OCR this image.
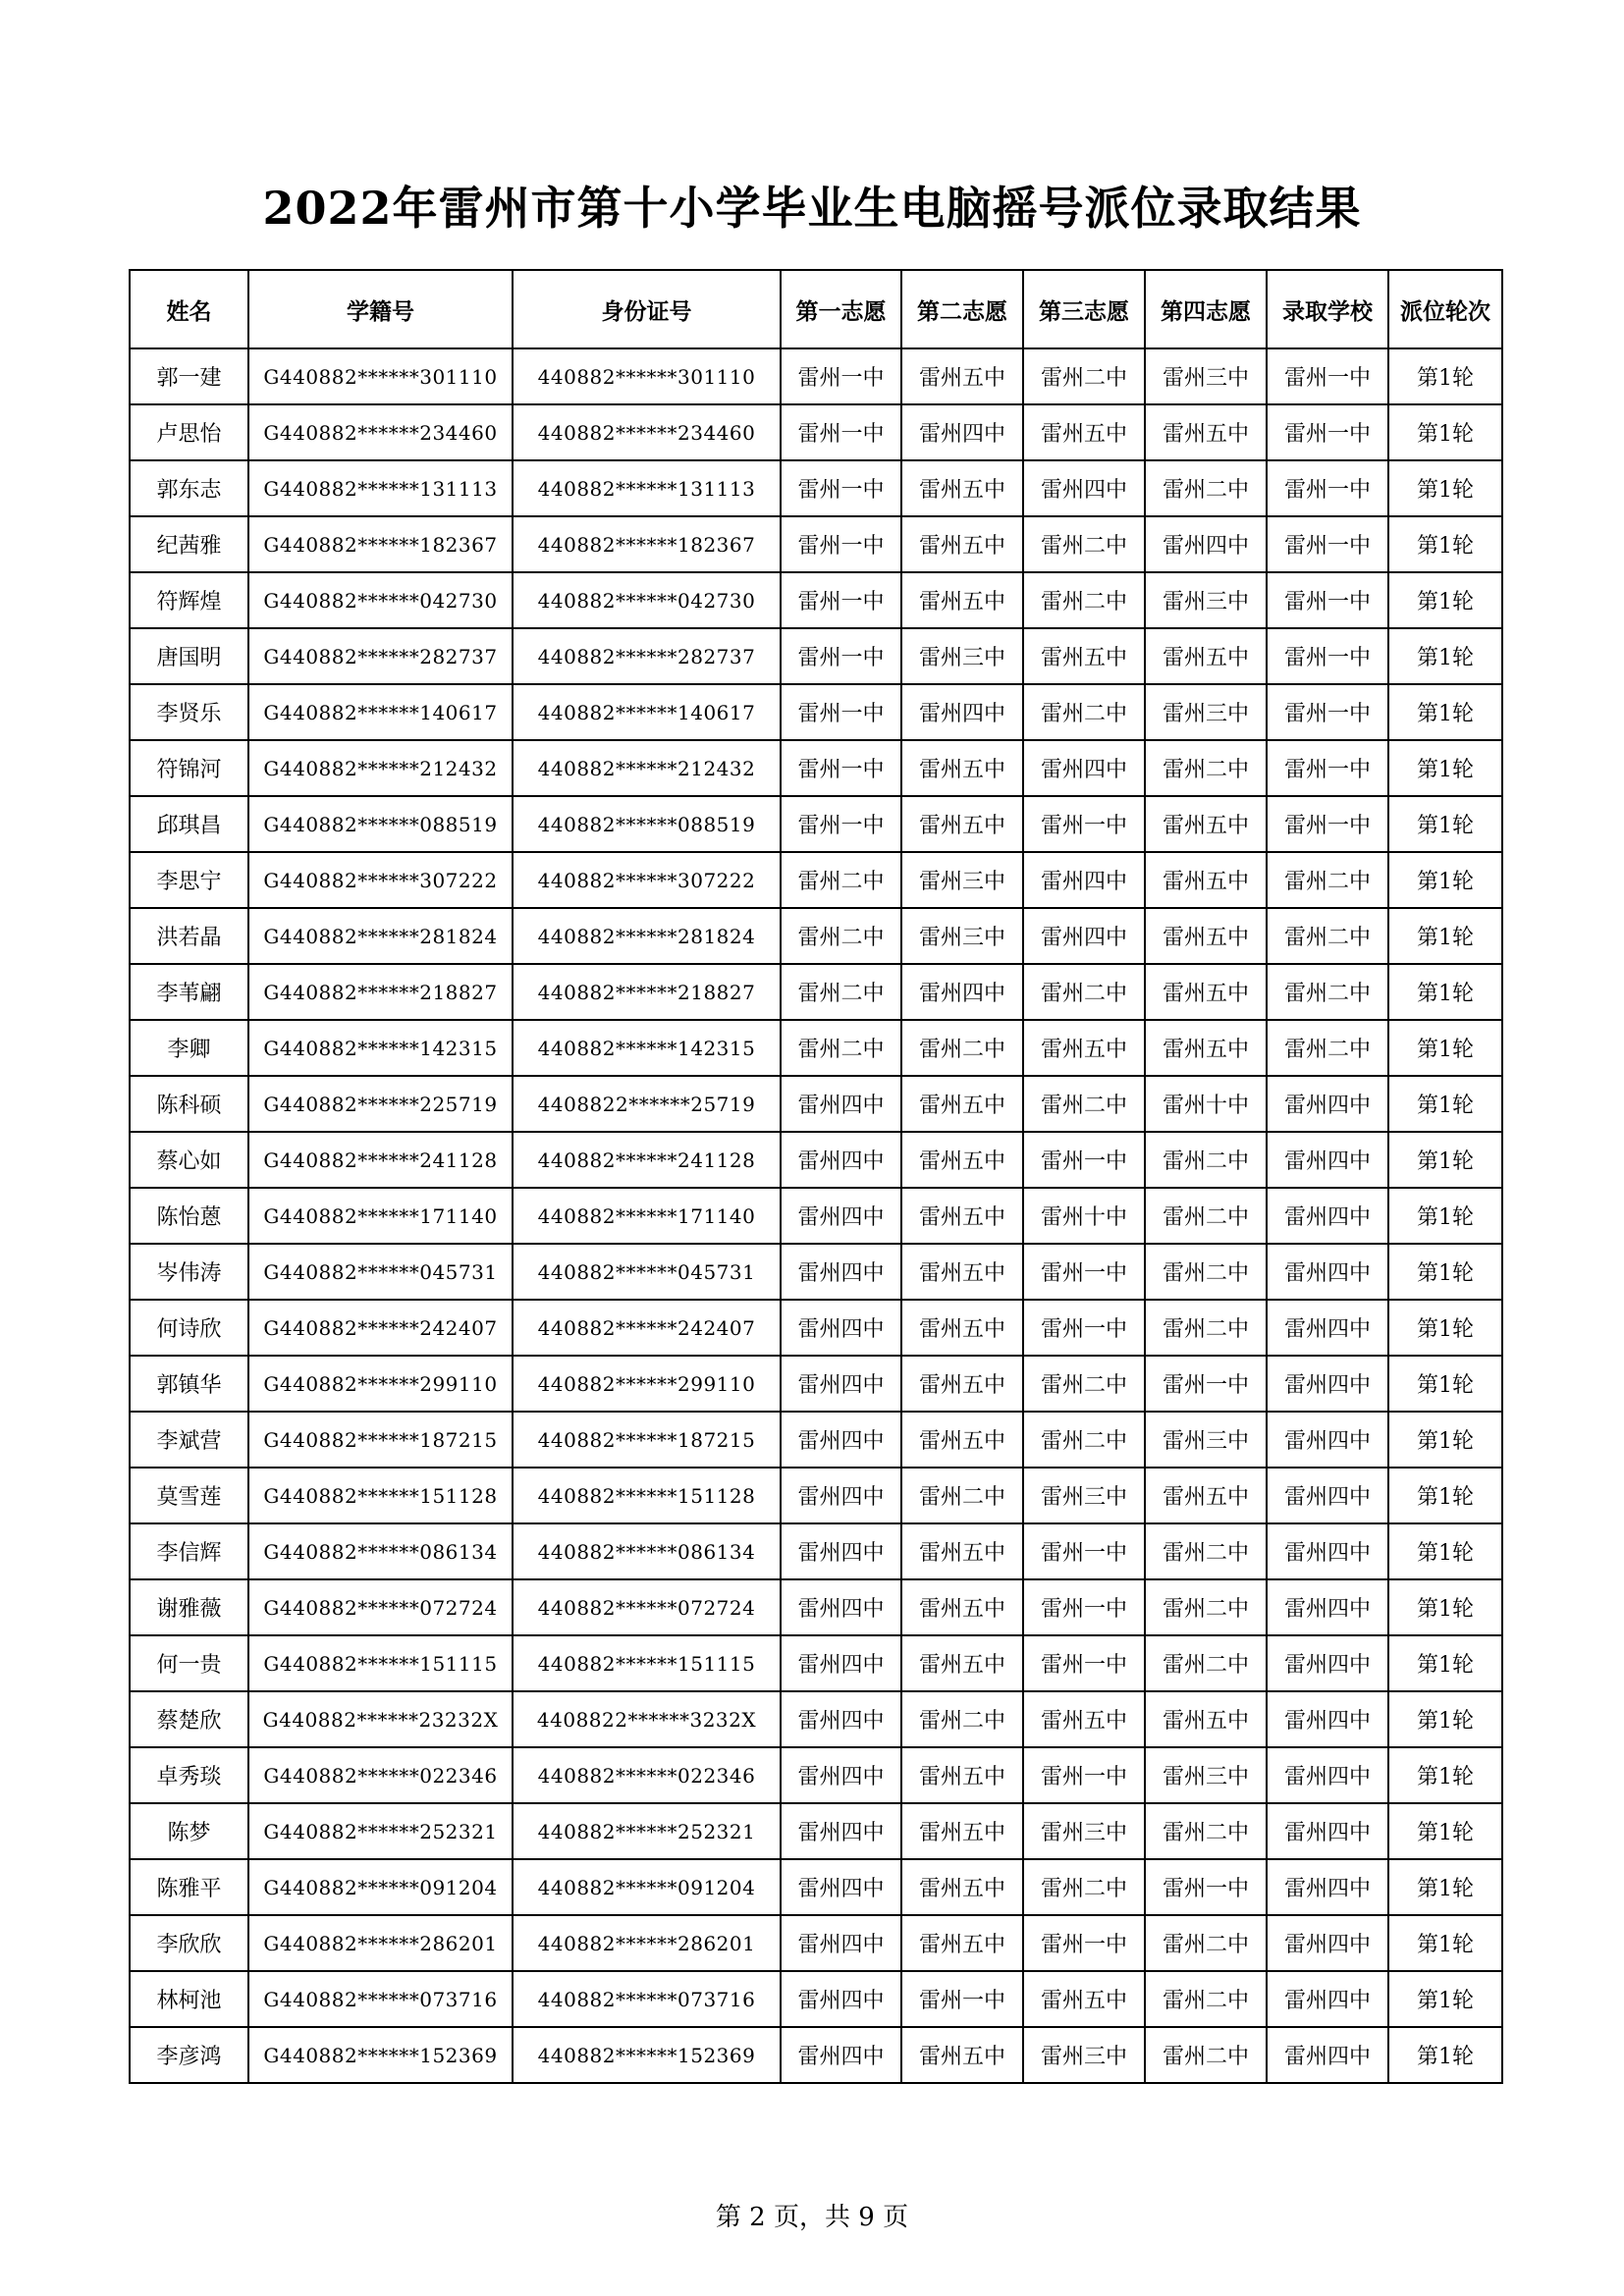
2022年雷州市第十小学毕业生电脑摇号派位录取结果
姓名	学籍号	身份证号	第一志愿	第二志愿	第三志愿	第四志愿	录取学校	派位轮次
郭一建	G440882******301110	440882******301110	雷州一中	雷州五中	雷州二中	雷州三中	雷州一中	第1轮
卢思怡	G440882******234460	440882******234460	雷州一中	雷州四中	雷州五中	雷州五中	雷州一中	第1轮
郭东志	G440882******131113	440882******131113	雷州一中	雷州五中	雷州四中	雷州二中	雷州一中	第1轮
纪茜雅	G440882******182367	440882******182367	雷州一中	雷州五中	雷州二中	雷州四中	雷州一中	第1轮
符辉煌	G440882******042730	440882******042730	雷州一中	雷州五中	雷州二中	雷州三中	雷州一中	第1轮
唐国明	G440882******282737	440882******282737	雷州一中	雷州三中	雷州五中	雷州五中	雷州一中	第1轮
李贤乐	G440882******140617	440882******140617	雷州一中	雷州四中	雷州二中	雷州三中	雷州一中	第1轮
符锦河	G440882******212432	440882******212432	雷州一中	雷州五中	雷州四中	雷州二中	雷州一中	第1轮
邱琪昌	G440882******088519	440882******088519	雷州一中	雷州五中	雷州一中	雷州五中	雷州一中	第1轮
李思宁	G440882******307222	440882******307222	雷州二中	雷州三中	雷州四中	雷州五中	雷州二中	第1轮
洪若晶	G440882******281824	440882******281824	雷州二中	雷州三中	雷州四中	雷州五中	雷州二中	第1轮
李苇翩	G440882******218827	440882******218827	雷州二中	雷州四中	雷州二中	雷州五中	雷州二中	第1轮
李卿	G440882******142315	440882******142315	雷州二中	雷州二中	雷州五中	雷州五中	雷州二中	第1轮
陈科硕	G440882******225719	4408822******25719	雷州四中	雷州五中	雷州二中	雷州十中	雷州四中	第1轮
蔡心如	G440882******241128	440882******241128	雷州四中	雷州五中	雷州一中	雷州二中	雷州四中	第1轮
陈怡蒽	G440882******171140	440882******171140	雷州四中	雷州五中	雷州十中	雷州二中	雷州四中	第1轮
岑伟涛	G440882******045731	440882******045731	雷州四中	雷州五中	雷州一中	雷州二中	雷州四中	第1轮
何诗欣	G440882******242407	440882******242407	雷州四中	雷州五中	雷州一中	雷州二中	雷州四中	第1轮
郭镇华	G440882******299110	440882******299110	雷州四中	雷州五中	雷州二中	雷州一中	雷州四中	第1轮
李斌营	G440882******187215	440882******187215	雷州四中	雷州五中	雷州二中	雷州三中	雷州四中	第1轮
莫雪莲	G440882******151128	440882******151128	雷州四中	雷州二中	雷州三中	雷州五中	雷州四中	第1轮
李信辉	G440882******086134	440882******086134	雷州四中	雷州五中	雷州一中	雷州二中	雷州四中	第1轮
谢雅薇	G440882******072724	440882******072724	雷州四中	雷州五中	雷州一中	雷州二中	雷州四中	第1轮
何一贵	G440882******151115	440882******151115	雷州四中	雷州五中	雷州一中	雷州二中	雷州四中	第1轮
蔡楚欣	G440882******23232X	4408822******3232X	雷州四中	雷州二中	雷州五中	雷州五中	雷州四中	第1轮
卓秀琰	G440882******022346	440882******022346	雷州四中	雷州五中	雷州一中	雷州三中	雷州四中	第1轮
陈梦	G440882******252321	440882******252321	雷州四中	雷州五中	雷州三中	雷州二中	雷州四中	第1轮
陈雅平	G440882******091204	440882******091204	雷州四中	雷州五中	雷州二中	雷州一中	雷州四中	第1轮
李欣欣	G440882******286201	440882******286201	雷州四中	雷州五中	雷州一中	雷州二中	雷州四中	第1轮
林柯池	G440882******073716	440882******073716	雷州四中	雷州一中	雷州五中	雷州二中	雷州四中	第1轮
李彦鸿	G440882******152369	440882******152369	雷州四中	雷州五中	雷州三中	雷州二中	雷州四中	第1轮
第 2 页，共 9 页
